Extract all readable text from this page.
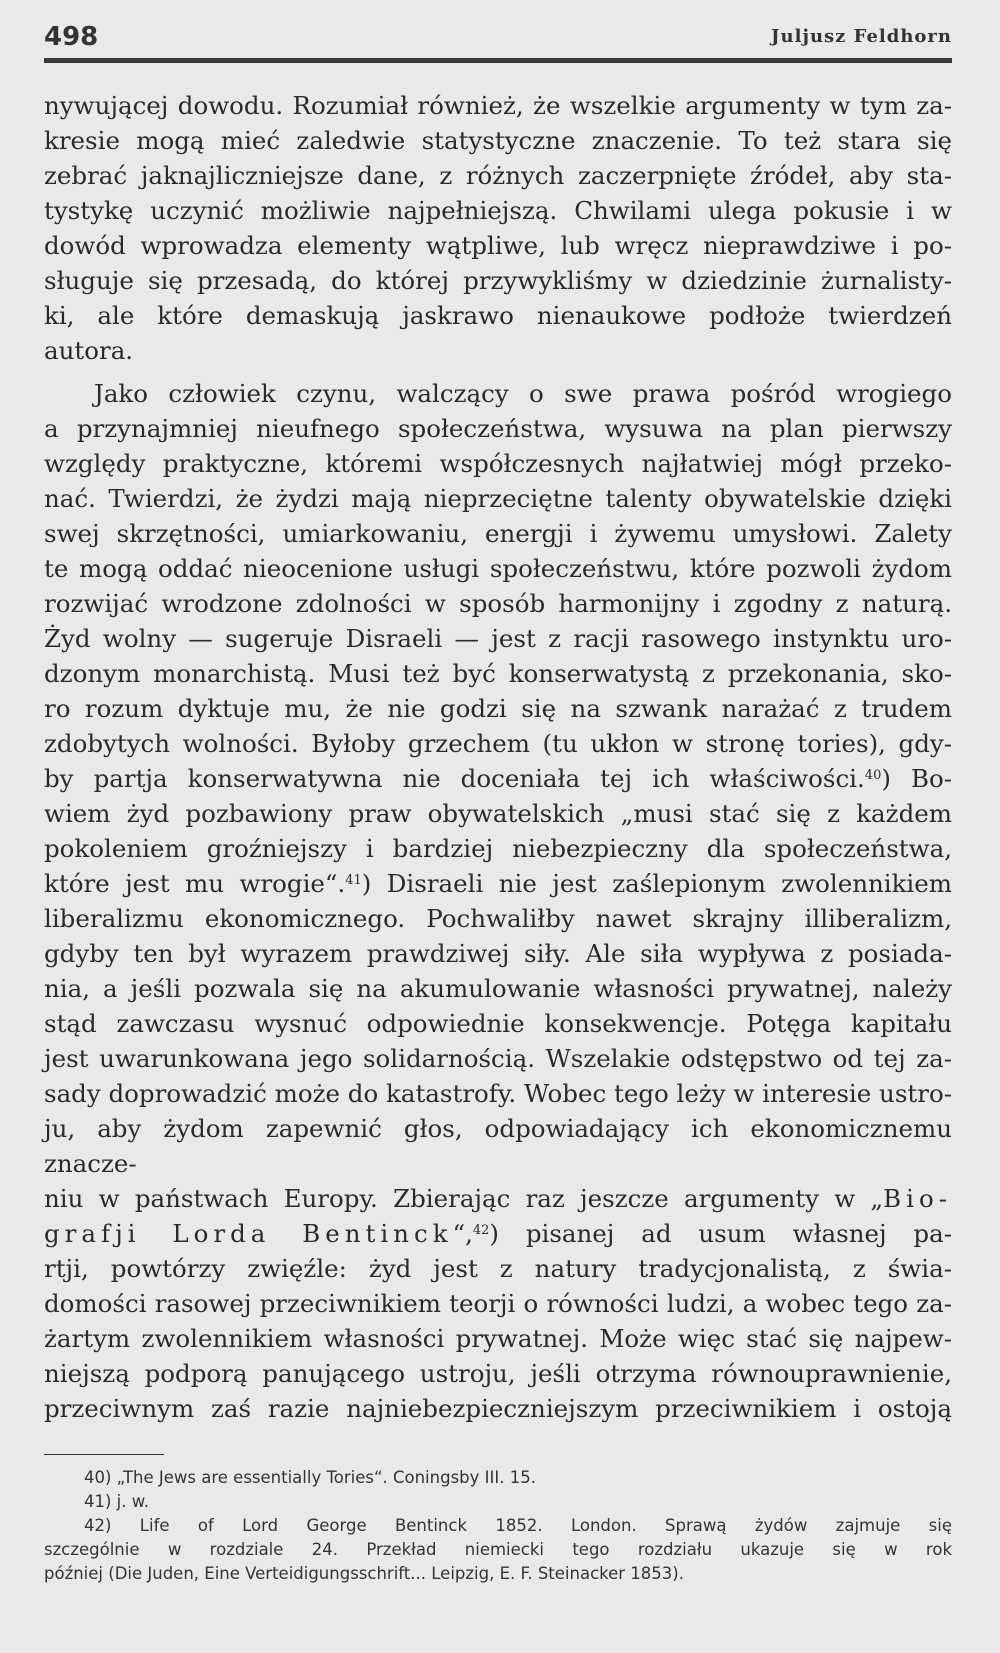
498	Juljusz Feldhorn

nywującej dowodu. Rozumiał również, że wszelkie argumenty w tym za-

kresie mogą mieć zaledwie statystyczne znaczenie. To też stara się

zebrać jaknajliczniejsze dane, z różnych zaczerpnięte źródeł, aby sta-

tystykę uczynić możliwie najpełniejszą. Chwilami ulega pokusie i w

dowód wprowadza elementy wątpliwe, lub wręcz nieprawdziwe i po-

sługuje się przesadą, do której przywykliśmy w dziedzinie żurnalisty-

ki, ale które demaskują jaskrawo nienaukowe podłoże twierdzeń

autora.

Jako człowiek czynu, walczący o swe prawa pośród wrogiego

a przynajmniej nieufnego społeczeństwa, wysuwa na plan pierwszy

względy praktyczne, któremi współczesnych najłatwiej mógł przeko-

nać. Twierdzi, że żydzi mają nieprzeciętne talenty obywatelskie dzięki

swej skrzętności, umiarkowaniu, energji i żywemu umysłowi. Zalety

te mogą oddać nieocenione usługi społeczeństwu, które pozwoli żydom

rozwijać wrodzone zdolności w sposób harmonijny i zgodny z naturą.

Żyd wolny — sugeruje Disraeli — jest z racji rasowego instynktu uro-

dzonym monarchistą. Musi też być konserwatystą z przekonania, sko-

ro rozum dyktuje mu, że nie godzi się na szwank narażać z trudem

zdobytych wolności. Byłoby grzechem (tu ukłon w stronę tories), gdy-

by partja konserwatywna nie doceniała tej ich właściwości.$^{40}$) Bo-

wiem żyd pozbawiony praw obywatelskich „musi stać się z każdem

pokoleniem groźniejszy i bardziej niebezpieczny dla społeczeństwa,

które jest mu wrogie“.$^{41}$) Disraeli nie jest zaślepionym zwolennikiem

liberalizmu ekonomicznego. Pochwaliłby nawet skrajny illiberalizm,

gdyby ten był wyrazem prawdziwej siły. Ale siła wypływa z posiada-

nia, a jeśli pozwala się na akumulowanie własności prywatnej, należy

stąd zawczasu wysnuć odpowiednie konsekwencje. Potęga kapitału

jest uwarunkowana jego solidarnością. Wszelakie odstępstwo od tej za-

sady doprowadzić może do katastrofy. Wobec tego leży w interesie ustro-

ju, aby żydom zapewnić głos, odpowiadający ich ekonomicznemu znacze-

niu w państwach Europy. Zbierając raz jeszcze argumenty w „Bio-

grafji Lorda Bentinck“,$^{42}$) pisanej ad usum własnej pa-

rtji, powtórzy zwięźle: żyd jest z natury tradycjonalistą, z świa-

domości rasowej przeciwnikiem teorji o równości ludzi, a wobec tego za-

żartym zwolennikiem własności prywatnej. Może więc stać się najpew-

niejszą podporą panującego ustroju, jeśli otrzyma równouprawnienie,

przeciwnym zaś razie najniebezpieczniejszym przeciwnikiem i ostoją

40) „The Jews are essentially Tories“. Coningsby III. 15.

41) j. w.

42) Life of Lord George Bentinck 1852. London. Sprawą żydów zajmuje się

szczególnie w rozdziale 24. Przekład niemiecki tego rozdziału ukazuje się w rok

później (Die Juden, Eine Verteidigungsschrift... Leipzig, E. F. Steinacker 1853).
